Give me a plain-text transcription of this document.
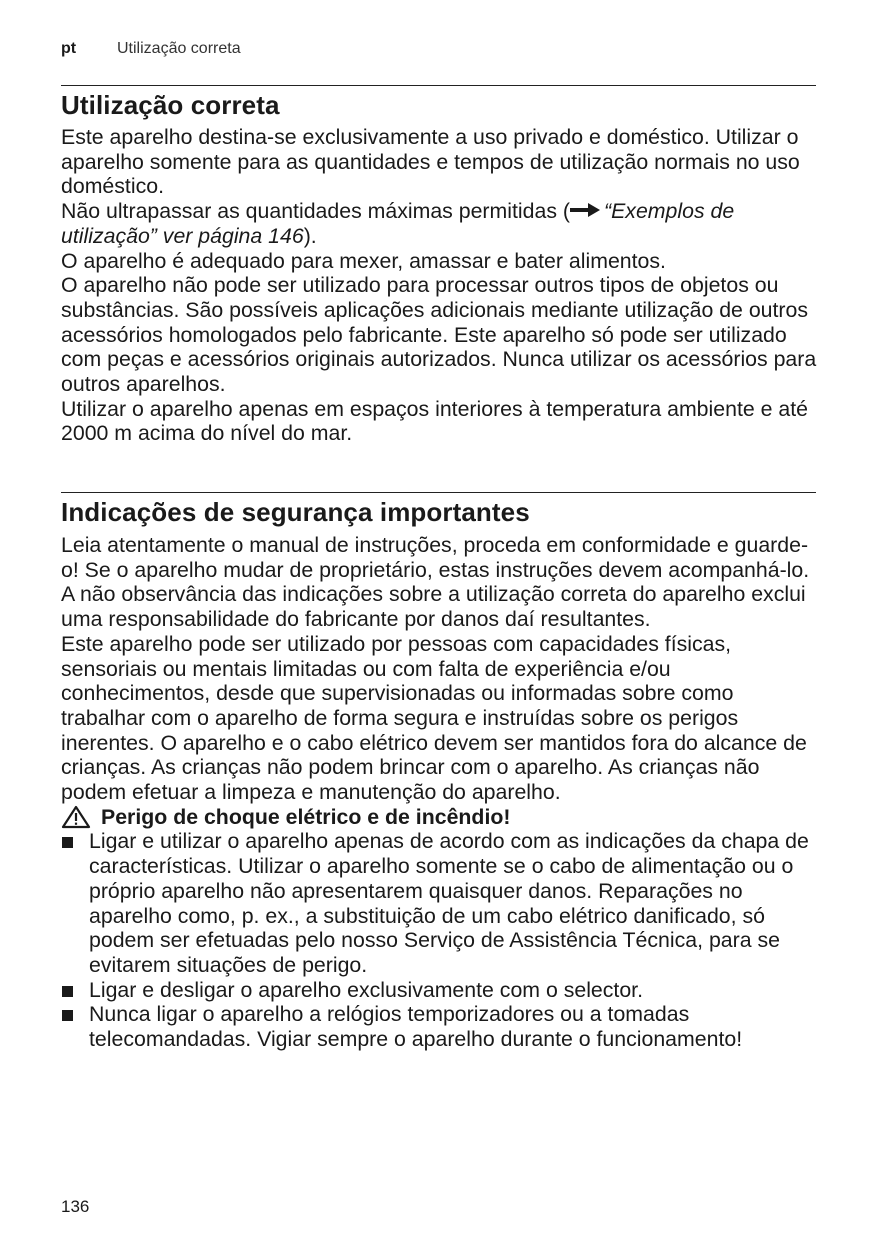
pt	Utilização correta
Utilização correta

Este aparelho destina-se exclusivamente a uso privado e doméstico. Utilizar o aparelho somente para as quantidades e tempos de utilização normais no uso doméstico.

Não ultrapassar as quantidades máximas permitidas ( “Exemplos de utilização” ver página 146).

O aparelho é adequado para mexer, amassar e bater alimentos.

O aparelho não pode ser utilizado para processar outros tipos de objetos ou substâncias. São possíveis aplicações adicionais mediante utilização de outros acessórios homologados pelo fabricante. Este aparelho só pode ser utilizado com peças e acessórios originais autorizados. Nunca utilizar os acessórios para outros aparelhos.

Utilizar o aparelho apenas em espaços interiores à temperatura ambiente e até 2000 m acima do nível do mar.

Indicações de segurança importantes

Leia atentamente o manual de instruções, proceda em conformidade e guarde-o! Se o aparelho mudar de proprietário, estas instruções devem acompanhá-lo. A não observância das indicações sobre a utilização correta do aparelho exclui uma responsabilidade do fabricante por danos daí resultantes.

Este aparelho pode ser utilizado por pessoas com capacidades físicas, sensoriais ou mentais limitadas ou com falta de experiência e/ou conhecimentos, desde que supervisionadas ou informadas sobre como trabalhar com o aparelho de forma segura e instruídas sobre os perigos inerentes. O aparelho e o cabo elétrico devem ser mantidos fora do alcance de crianças. As crianças não podem brincar com o aparelho. As crianças não podem efetuar a limpeza e manutenção do aparelho.

Perigo de choque elétrico e de incêndio!

Ligar e utilizar o aparelho apenas de acordo com as indicações da chapa de características. Utilizar o aparelho somente se o cabo de alimentação ou o próprio aparelho não apresentarem quaisquer danos. Reparações no aparelho como, p. ex., a substituição de um cabo elétrico danificado, só podem ser efetuadas pelo nosso Serviço de Assistência Técnica, para se evitarem situações de perigo.
Ligar e desligar o aparelho exclusivamente com o selector.
Nunca ligar o aparelho a relógios temporizadores ou a tomadas telecomandadas. Vigiar sempre o aparelho durante o funcionamento!
136
